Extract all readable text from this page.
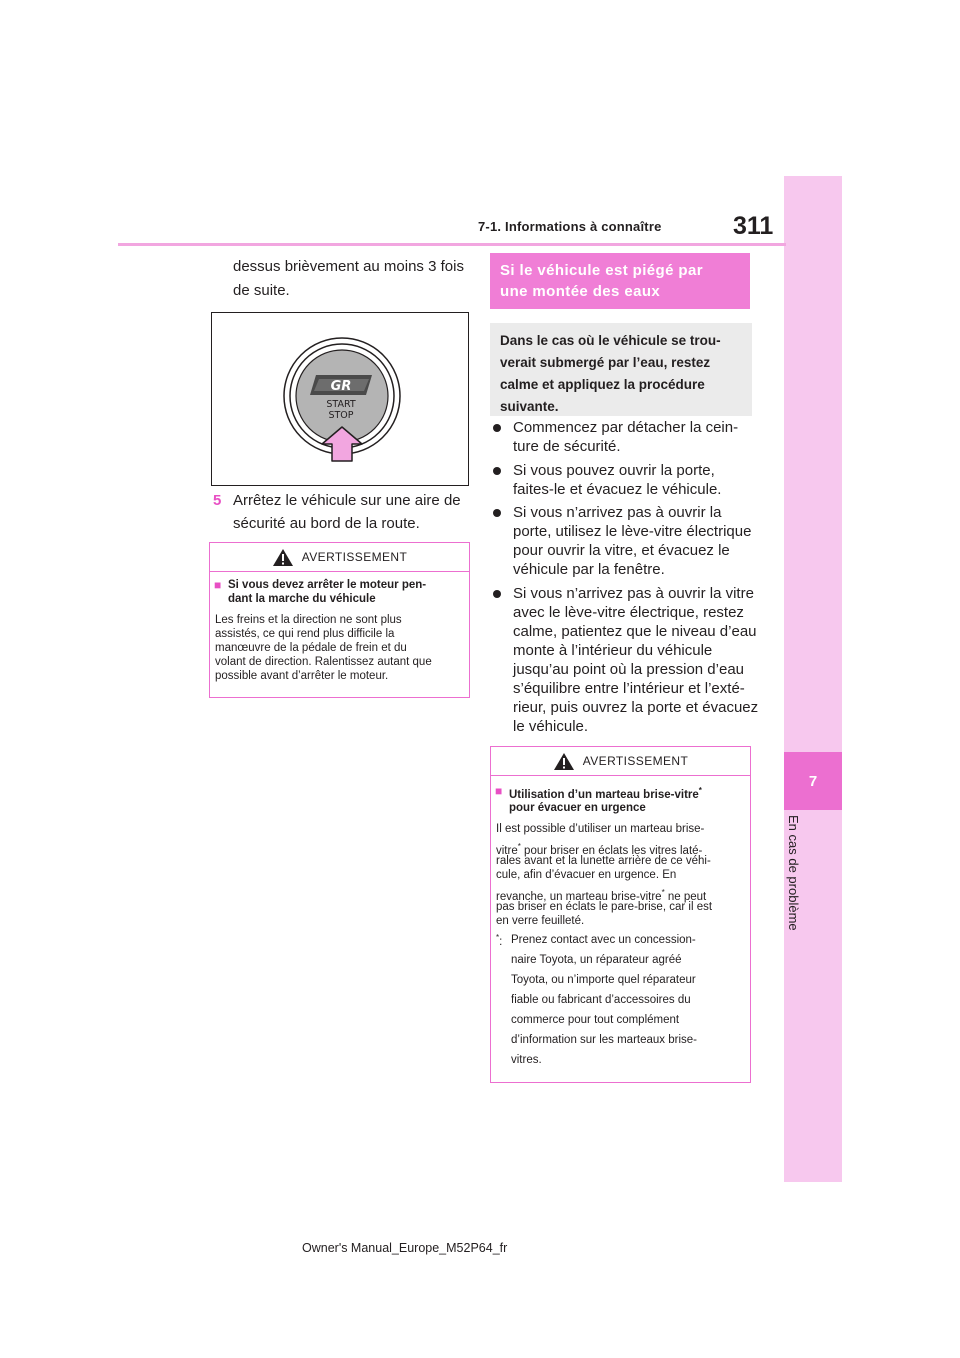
7
En cas de problème
7-1. Informations à connaître	311
dessus brièvement au moins 3 fois
de suite.
GR
START
STOP
5 Arrêtez le véhicule sur une aire de
sécurité au bord de la route.
AVERTISSEMENT
■ Si vous devez arrêter le moteur pen-
dant la marche du véhicule
Les freins et la direction ne sont plus
assistés, ce qui rend plus difficile la
manœuvre de la pédale de frein et du
volant de direction. Ralentissez autant que
possible avant d’arrêter le moteur.
Si le véhicule est piégé par
une montée des eaux
Dans le cas où le véhicule se trou-
verait submergé par l’eau, restez
calme et appliquez la procédure
suivante.
Commencez par détacher la cein-
ture de sécurité.
Si vous pouvez ouvrir la porte,
faites-le et évacuez le véhicule.
Si vous n’arrivez pas à ouvrir la
porte, utilisez le lève-vitre électrique
pour ouvrir la vitre, et évacuez le
véhicule par la fenêtre.
Si vous n’arrivez pas à ouvrir la vitre
avec le lève-vitre électrique, restez
calme, patientez que le niveau d’eau
monte à l’intérieur du véhicule
jusqu’au point où la pression d’eau
s’équilibre entre l’intérieur et l’exté-
rieur, puis ouvrez la porte et évacuez
le véhicule.
AVERTISSEMENT
■ Utilisation d’un marteau brise-vitre*
pour évacuer en urgence
Il est possible d’utiliser un marteau brise-
vitre* pour briser en éclats les vitres laté-
rales avant et la lunette arrière de ce véhi-
cule, afin d’évacuer en urgence. En
revanche, un marteau brise-vitre* ne peut
pas briser en éclats le pare-brise, car il est
en verre feuilleté.
*: Prenez contact avec un concession-
naire Toyota, un réparateur agréé
Toyota, ou n’importe quel réparateur
fiable ou fabricant d’accessoires du
commerce pour tout complément
d’information sur les marteaux brise-
vitres.
Owner's Manual_Europe_M52P64_fr
